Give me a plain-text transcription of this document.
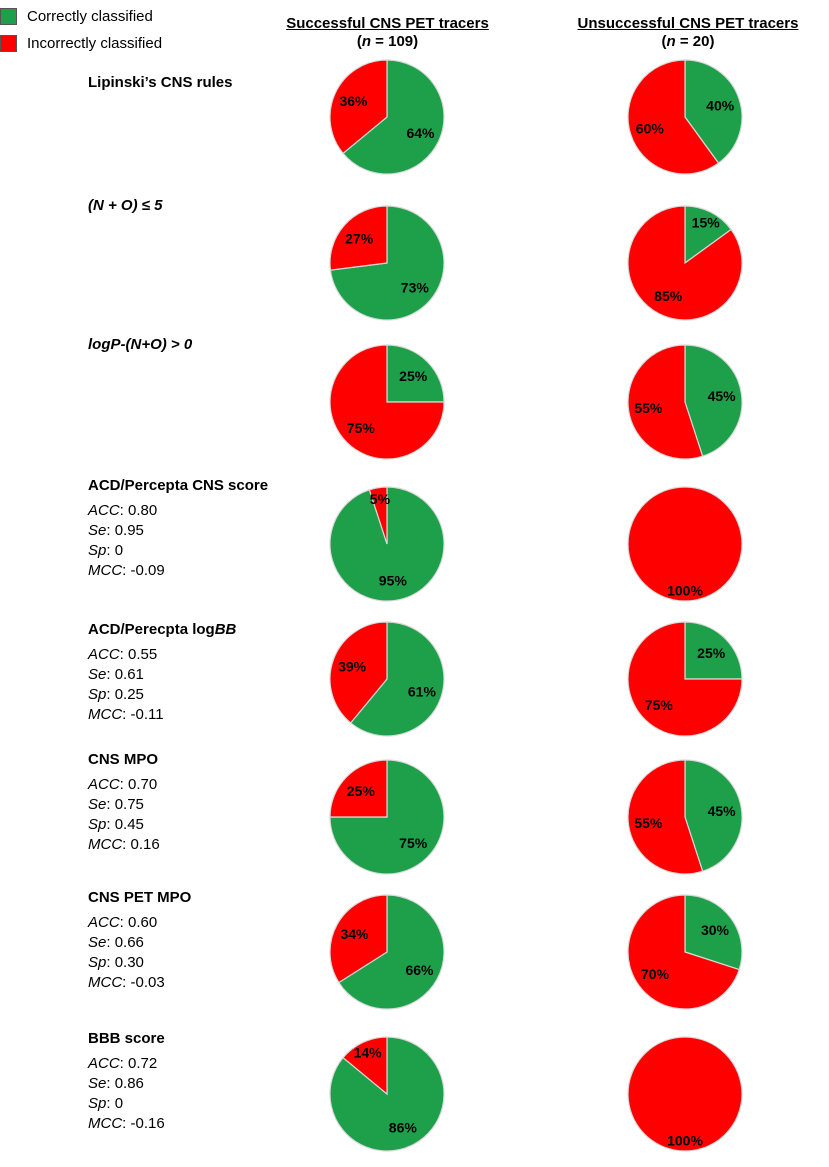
Correctly classified
Incorrectly classified
Successful CNS PET tracers
(n = 109)
Unsuccessful CNS PET tracers
(n = 20)
Lipinski’s CNS rules
(N + O) ≤ 5
logP-(N+O) > 0
ACD/Percepta CNS score
ACC: 0.80
Se: 0.95
Sp: 0
MCC: -0.09
ACD/Perecpta logBB
ACC: 0.55
Se: 0.61
Sp: 0.25
MCC: -0.11
CNS MPO
ACC: 0.70
Se: 0.75
Sp: 0.45
MCC: 0.16
CNS PET MPO
ACC: 0.60
Se: 0.66
Sp: 0.30
MCC: -0.03
BBB score
ACC: 0.72
Se: 0.86
Sp: 0
MCC: -0.16
64%
36%
73%
27%
25%
75%
95%
5%
61%
39%
75%
25%
66%
34%
86%
14%
40%
60%
15%
85%
45%
55%
100%
25%
75%
45%
55%
30%
70%
100%
